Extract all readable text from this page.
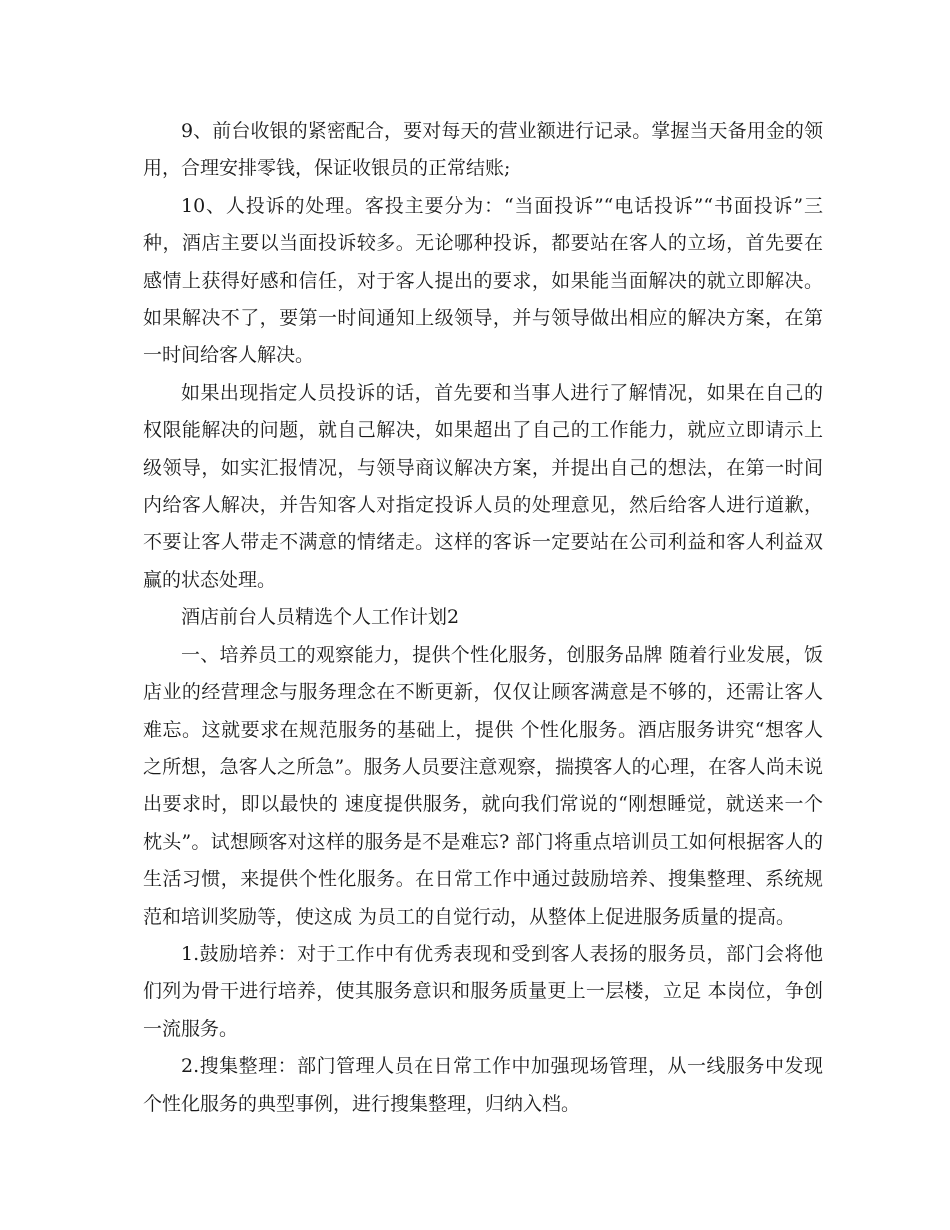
9、前台收银的紧密配合，要对每天的营业额进行记录。掌握当天备用金的领用，合理安排零钱，保证收银员的正常结账;

10、人投诉的处理。客投主要分为：“当面投诉”“电话投诉”“书面投诉”三种，酒店主要以当面投诉较多。无论哪种投诉，都要站在客人的立场，首先要在感情上获得好感和信任，对于客人提出的要求，如果能当面解决的就立即解决。如果解决不了，要第一时间通知上级领导，并与领导做出相应的解决方案，在第一时间给客人解决。

如果出现指定人员投诉的话，首先要和当事人进行了解情况，如果在自己的权限能解决的问题，就自己解决，如果超出了自己的工作能力，就应立即请示上级领导，如实汇报情况，与领导商议解决方案，并提出自己的想法，在第一时间内给客人解决，并告知客人对指定投诉人员的处理意见，然后给客人进行道歉，不要让客人带走不满意的情绪走。这样的客诉一定要站在公司利益和客人利益双赢的状态处理。

酒店前台人员精选个人工作计划2

一、培养员工的观察能力，提供个性化服务，创服务品牌 随着行业发展，饭店业的经营理念与服务理念在不断更新，仅仅让顾客满意是不够的，还需让客人难忘。这就要求在规范服务的基础上，提供 个性化服务。酒店服务讲究“想客人之所想，急客人之所急”。服务人员要注意观察，揣摸客人的心理，在客人尚未说出要求时，即以最快的 速度提供服务，就向我们常说的“刚想睡觉，就送来一个枕头”。试想顾客对这样的服务是不是难忘? 部门将重点培训员工如何根据客人的生活习惯，来提供个性化服务。在日常工作中通过鼓励培养、搜集整理、系统规范和培训奖励等，使这成 为员工的自觉行动，从整体上促进服务质量的提高。

1.鼓励培养：对于工作中有优秀表现和受到客人表扬的服务员，部门会将他们列为骨干进行培养，使其服务意识和服务质量更上一层楼，立足 本岗位，争创一流服务。

2.搜集整理：部门管理人员在日常工作中加强现场管理，从一线服务中发现个性化服务的典型事例，进行搜集整理，归纳入档。
